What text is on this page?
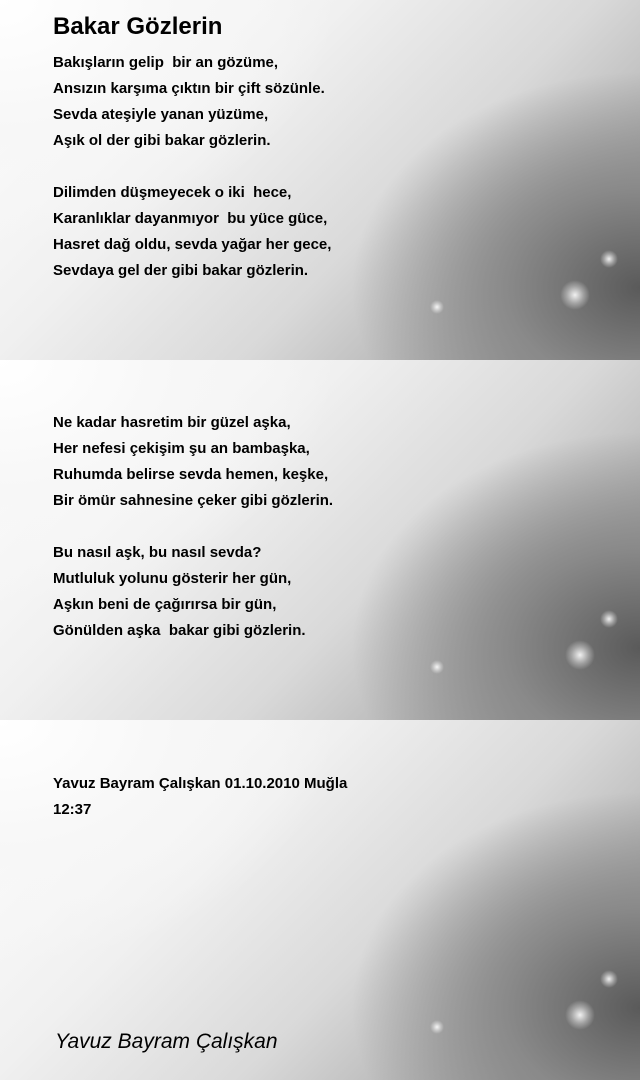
Bakar Gözlerin
Bakışların gelip  bir an gözüme,
Ansızın karşıma çıktın bir çift sözünle.
Sevda ateşiyle yanan yüzüme,
Aşık ol der gibi bakar gözlerin.
Dilimden düşmeyecek o iki  hece,
Karanlıklar dayanmıyor  bu yüce güce,
Hasret dağ oldu, sevda yağar her gece,
Sevdaya gel der gibi bakar gözlerin.
Ne kadar hasretim bir güzel aşka,
Her nefesi çekişim şu an bambaşka,
Ruhumda belirse sevda hemen, keşke,
Bir ömür sahnesine çeker gibi gözlerin.
Bu nasıl aşk, bu nasıl sevda?
Mutluluk yolunu gösterir her gün,
Aşkın beni de çağırırsa bir gün,
Gönülden aşka  bakar gibi gözlerin.
Yavuz Bayram Çalışkan 01.10.2010 Muğla
12:37
Yavuz Bayram Çalışkan
